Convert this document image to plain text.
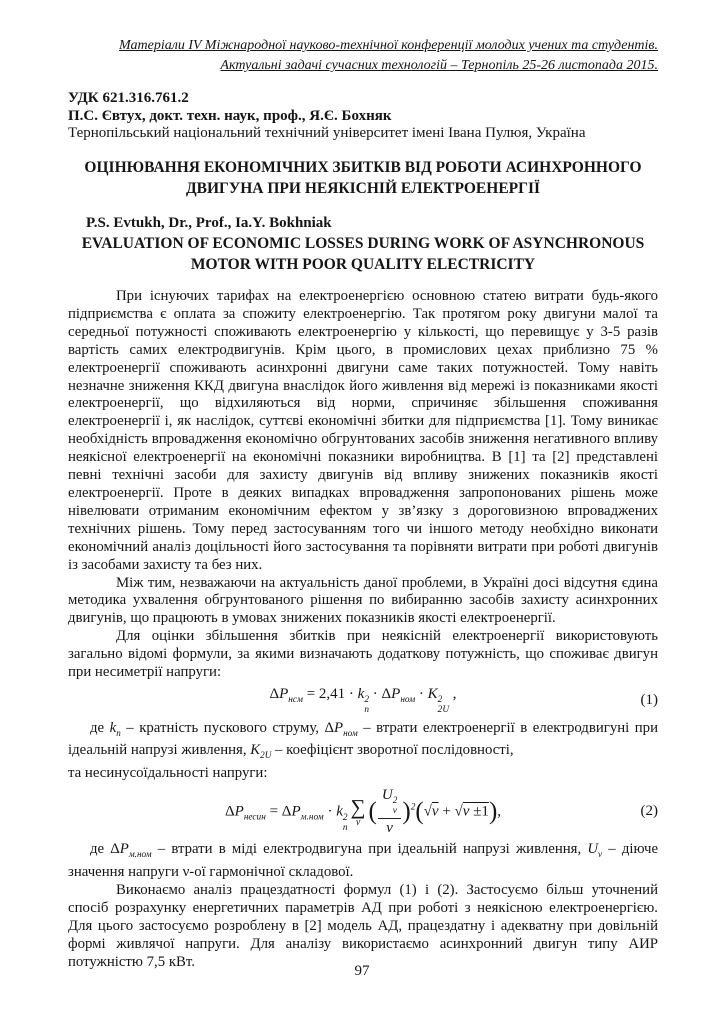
Матеріали IV Міжнародної науково-технічної конференції молодих учених та студентів.
Актуальні задачі сучасних технологій – Тернопіль 25-26 листопада 2015.
УДК 621.316.761.2
П.С. Євтух, докт. техн. наук, проф., Я.Є. Бохняк
Тернопільський національний технічний університет імені Івана Пулюя, Україна
ОЦІНЮВАННЯ ЕКОНОМІЧНИХ ЗБИТКІВ ВІД РОБОТИ АСИНХРОННОГО ДВИГУНА ПРИ НЕЯКІСНІЙ ЕЛЕКТРОЕНЕРГІЇ
P.S. Evtukh, Dr., Prof., Ia.Y. Bokhniak
EVALUATION OF ECONOMIC LOSSES DURING WORK OF ASYNCHRONOUS MOTOR WITH POOR QUALITY ELECTRICITY

При існуючих тарифах на електроенергією основною статею витрати будь-якого підприємства є оплата за спожиту електроенергію. Так протягом року двигуни малої та середньої потужності споживають електроенергію у кількості, що перевищує у 3-5 разів вартість самих електродвигунів. Крім цього, в промислових цехах приблизно 75 % електроенергії споживають асинхронні двигуни саме таких потужностей. Тому навіть незначне зниження ККД двигуна внаслідок його живлення від мережі із показниками якості електроенергії, що відхиляються від норми, спричиняє збільшення споживання електроенергії і, як наслідок, суттєві економічні збитки для підприємства [1]. Тому виникає необхідність впровадження економічно обгрунтованих засобів зниження негативного впливу неякісної електроенергії на економічні показники виробництва. В [1] та [2] представлені певні технічні засоби для захисту двигунів від впливу знижених показників якості електроенергії. Проте в деяких випадках впровадження запропонованих рішень може нівелювати отриманим економічним ефектом у зв’язку з дороговизною впроваджених технічних рішень. Тому перед застосуванням того чи іншого методу необхідно виконати економічний аналіз доцільності його застосування та порівняти витрати при роботі двигунів із засобами захисту та без них.

Між тим, незважаючи на актуальність даної проблеми, в Україні досі відсутня єдина методика ухвалення обгрунтованого рішення по вибиранню засобів захисту асинхронних двигунів, що працюють в умовах знижених показників якості електроенергії.

Для оцінки збільшення збитків при неякісній електроенергії використовують загально відомі формули, за якими визначають додаткову потужність, що споживає двигун при несиметрії напруги:

$\Delta P_{нсм} = 2,41 \cdot k$ 2
п
· $\Delta P_{ном} \cdot K$ 2
2U
,	(1)

де $k_п$ – кратність пускового струму, $\Delta P_{ном}$ – втрати електроенергії в електродвигуні при ідеальній напрузі живлення, $K_{2U}$ – коефіцієнт зворотної послідовності,

та несинусоїдальності напруги:

$\Delta P_{несин} = \Delta P_{м.ном} \cdot k$ 2
п
∑
ν ( U 2
ν
ν )$^2$(√ν + √ν ±1),	(2)

де $\Delta P_{м.ном}$ – втрати в міді електродвигуна при ідеальній напрузі живлення, $U_\nu$ – діюче значення напруги ν-ої гармонічної складової.

Виконаємо аналіз працездатності формул (1) і (2). Застосуємо більш уточнений спосіб розрахунку енергетичних параметрів АД при роботі з неякісною електроенергією. Для цього застосуємо розроблену в [2] модель АД, працездатну і адекватну при довільній формі живлячої напруги. Для аналізу використаємо асинхронний двигун типу АИР потужністю 7,5 кВт.

97
